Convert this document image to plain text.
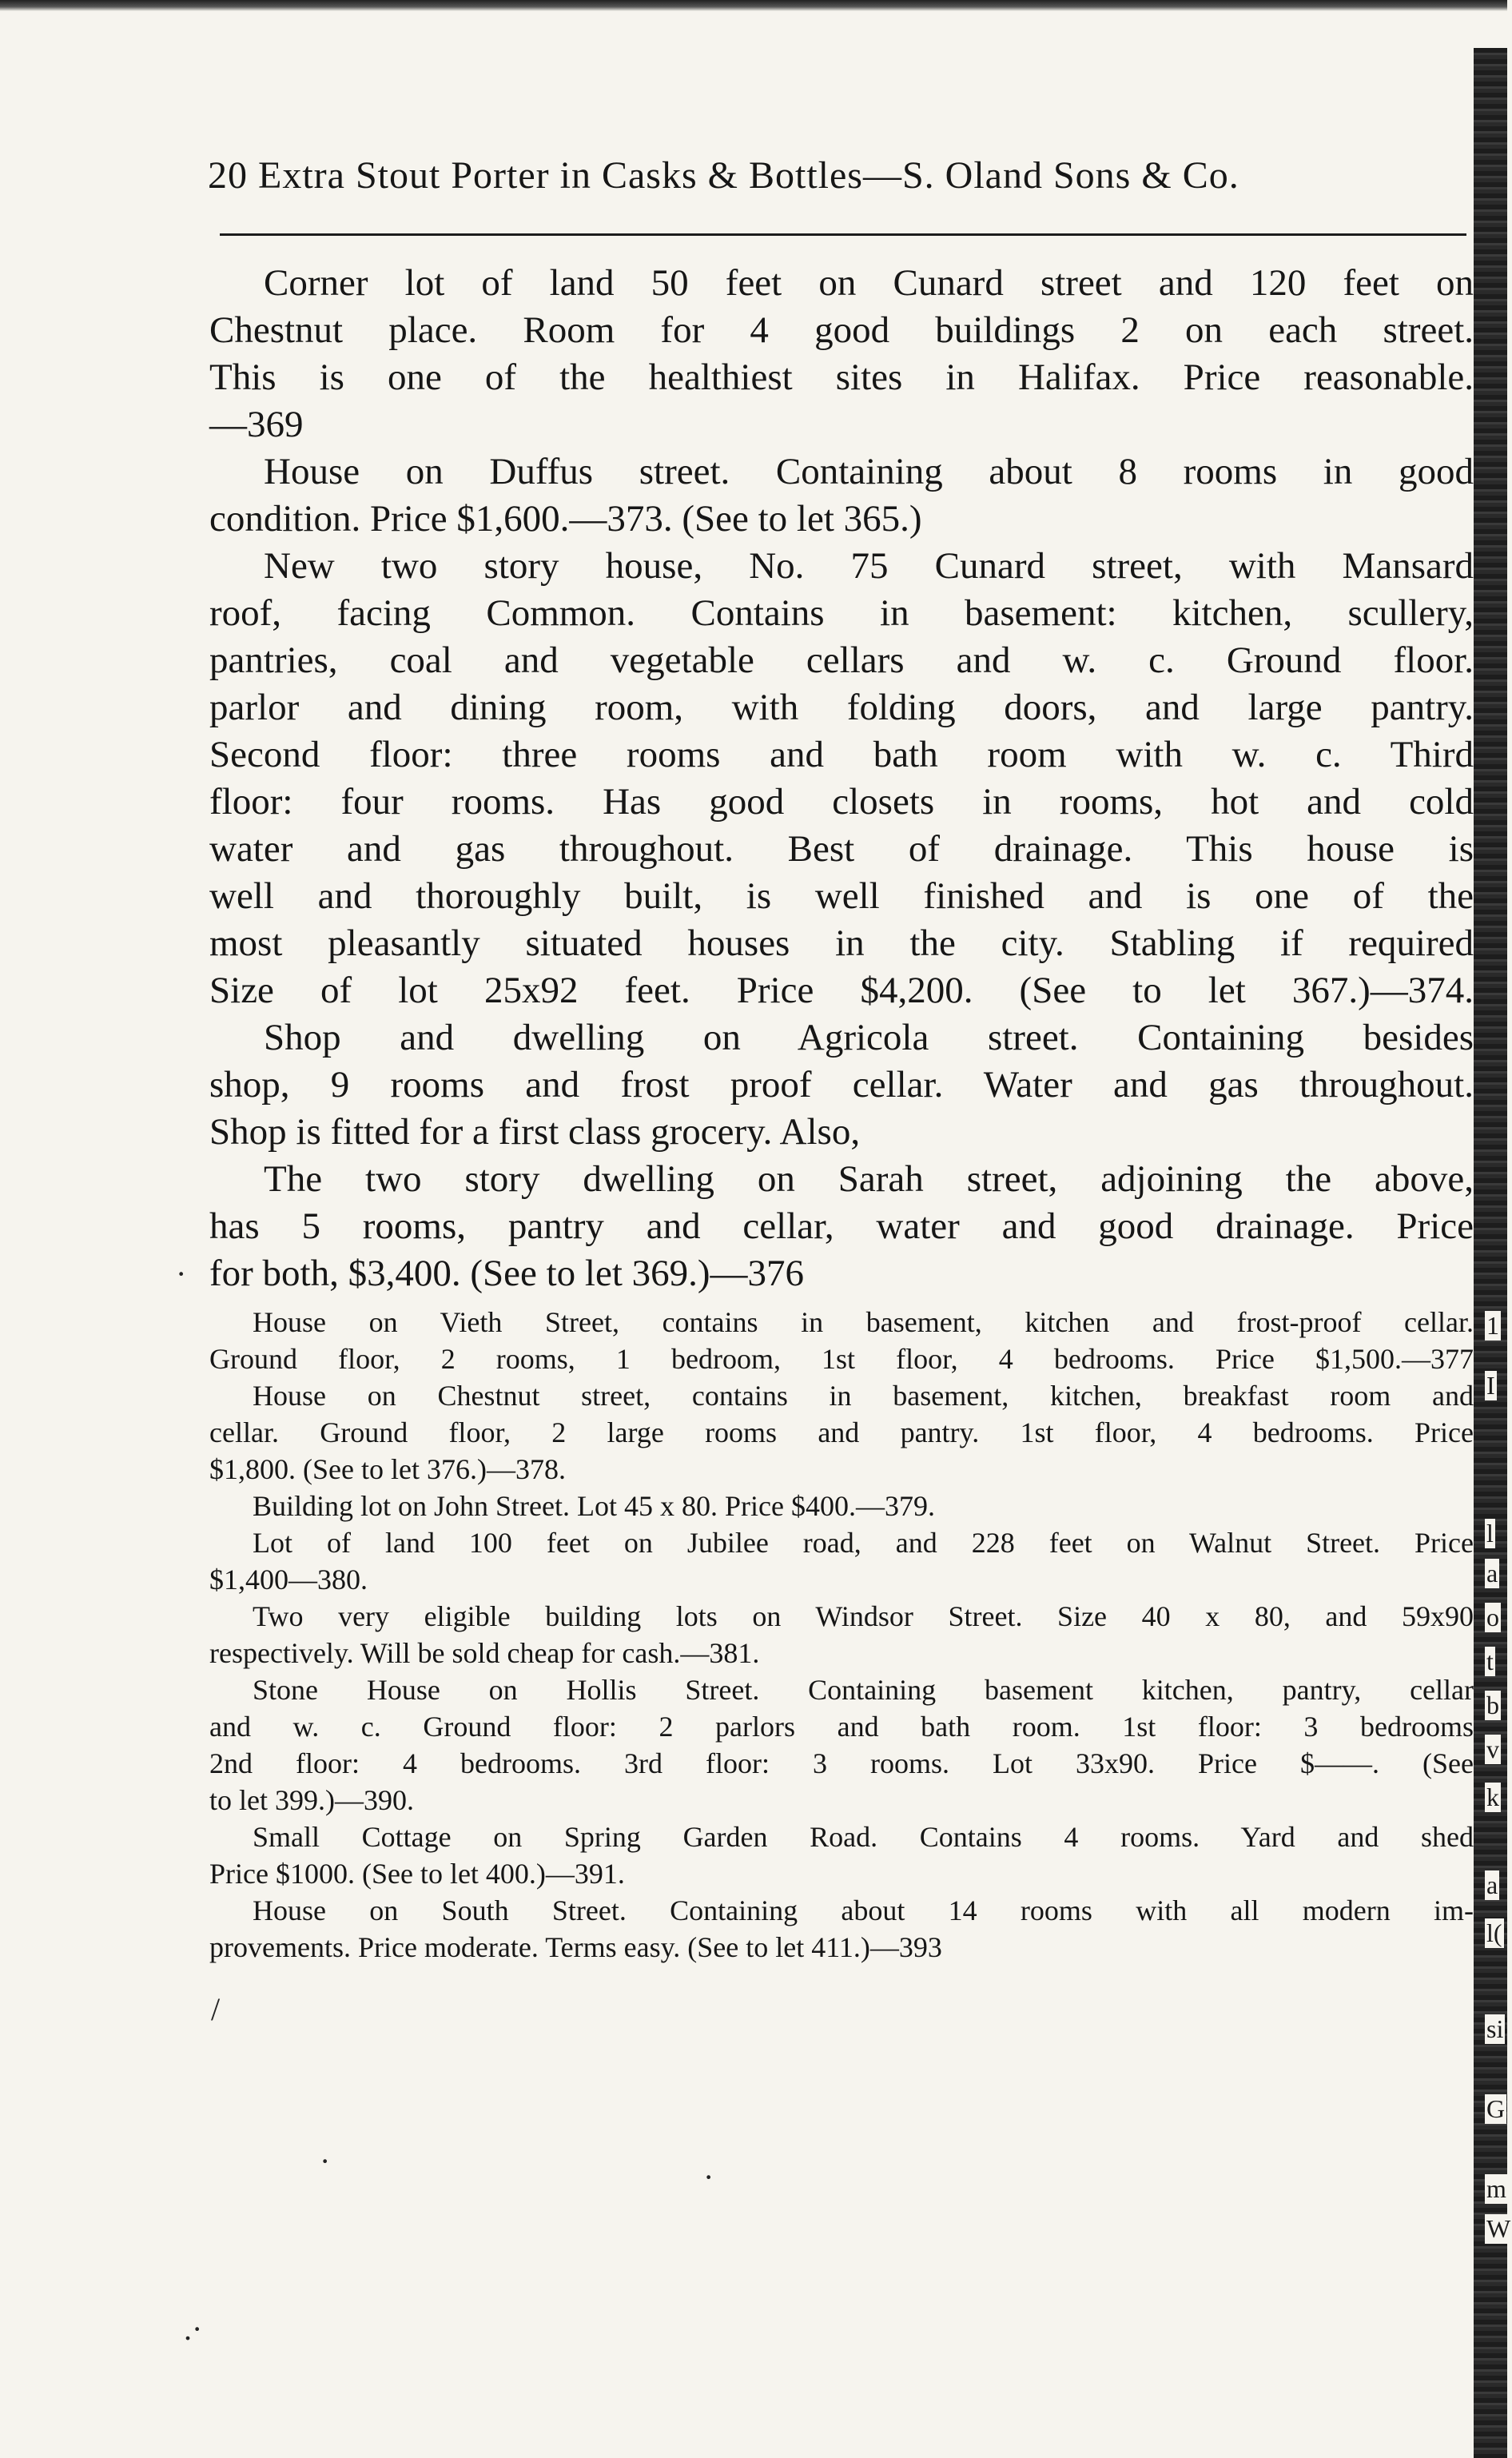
1
I
l
a
o
t
b
v
k
a
l(
si
G
m
W
20 Extra Stout Porter in Casks & Bottles—S. Oland Sons & Co.
Corner lot of land 50 feet on Cunard street and 120 feet on
Chestnut place. Room for 4 good buildings 2 on each street.
This is one of the healthiest sites in Halifax. Price reasonable.
—369
House on Duffus street. Containing about 8 rooms in good
condition. Price $1,600.—373. (See to let 365.)
New two story house, No. 75 Cunard street, with Mansard
roof, facing Common. Contains in basement: kitchen, scullery,
pantries, coal and vegetable cellars and w. c. Ground floor.
parlor and dining room, with folding doors, and large pantry.
Second floor: three rooms and bath room with w. c. Third
floor: four rooms. Has good closets in rooms, hot and cold
water and gas throughout. Best of drainage. This house is
well and thoroughly built, is well finished and is one of the
most pleasantly situated houses in the city. Stabling if required
Size of lot 25x92 feet. Price $4,200. (See to let 367.)—374.
Shop and dwelling on Agricola street. Containing besides
shop, 9 rooms and frost proof cellar. Water and gas throughout.
Shop is fitted for a first class grocery. Also,
The two story dwelling on Sarah street, adjoining the above,
has 5 rooms, pantry and cellar, water and good drainage. Price
for both, $3,400. (See to let 369.)—376
House on Vieth Street, contains in basement, kitchen and frost-proof cellar.
Ground floor, 2 rooms, 1 bedroom, 1st floor, 4 bedrooms. Price $1,500.—377
House on Chestnut street, contains in basement, kitchen, breakfast room and
cellar. Ground floor, 2 large rooms and pantry. 1st floor, 4 bedrooms. Price
$1,800. (See to let 376.)—378.
Building lot on John Street. Lot 45 x 80. Price $400.—379.
Lot of land 100 feet on Jubilee road, and 228 feet on Walnut Street. Price
$1,400—380.
Two very eligible building lots on Windsor Street. Size 40 x 80, and 59x90
respectively. Will be sold cheap for cash.—381.
Stone House on Hollis Street. Containing basement kitchen, pantry, cellar
and w. c. Ground floor: 2 parlors and bath room. 1st floor: 3 bedrooms
2nd floor: 4 bedrooms. 3rd floor: 3 rooms. Lot 33x90. Price $——. (See
to let 399.)—390.
Small Cottage on Spring Garden Road. Contains 4 rooms. Yard and shed
Price $1000. (See to let 400.)—391.
House on South Street. Containing about 14 rooms with all modern im-
provements. Price moderate. Terms easy. (See to let 411.)—393
/
·
·	·
.·
